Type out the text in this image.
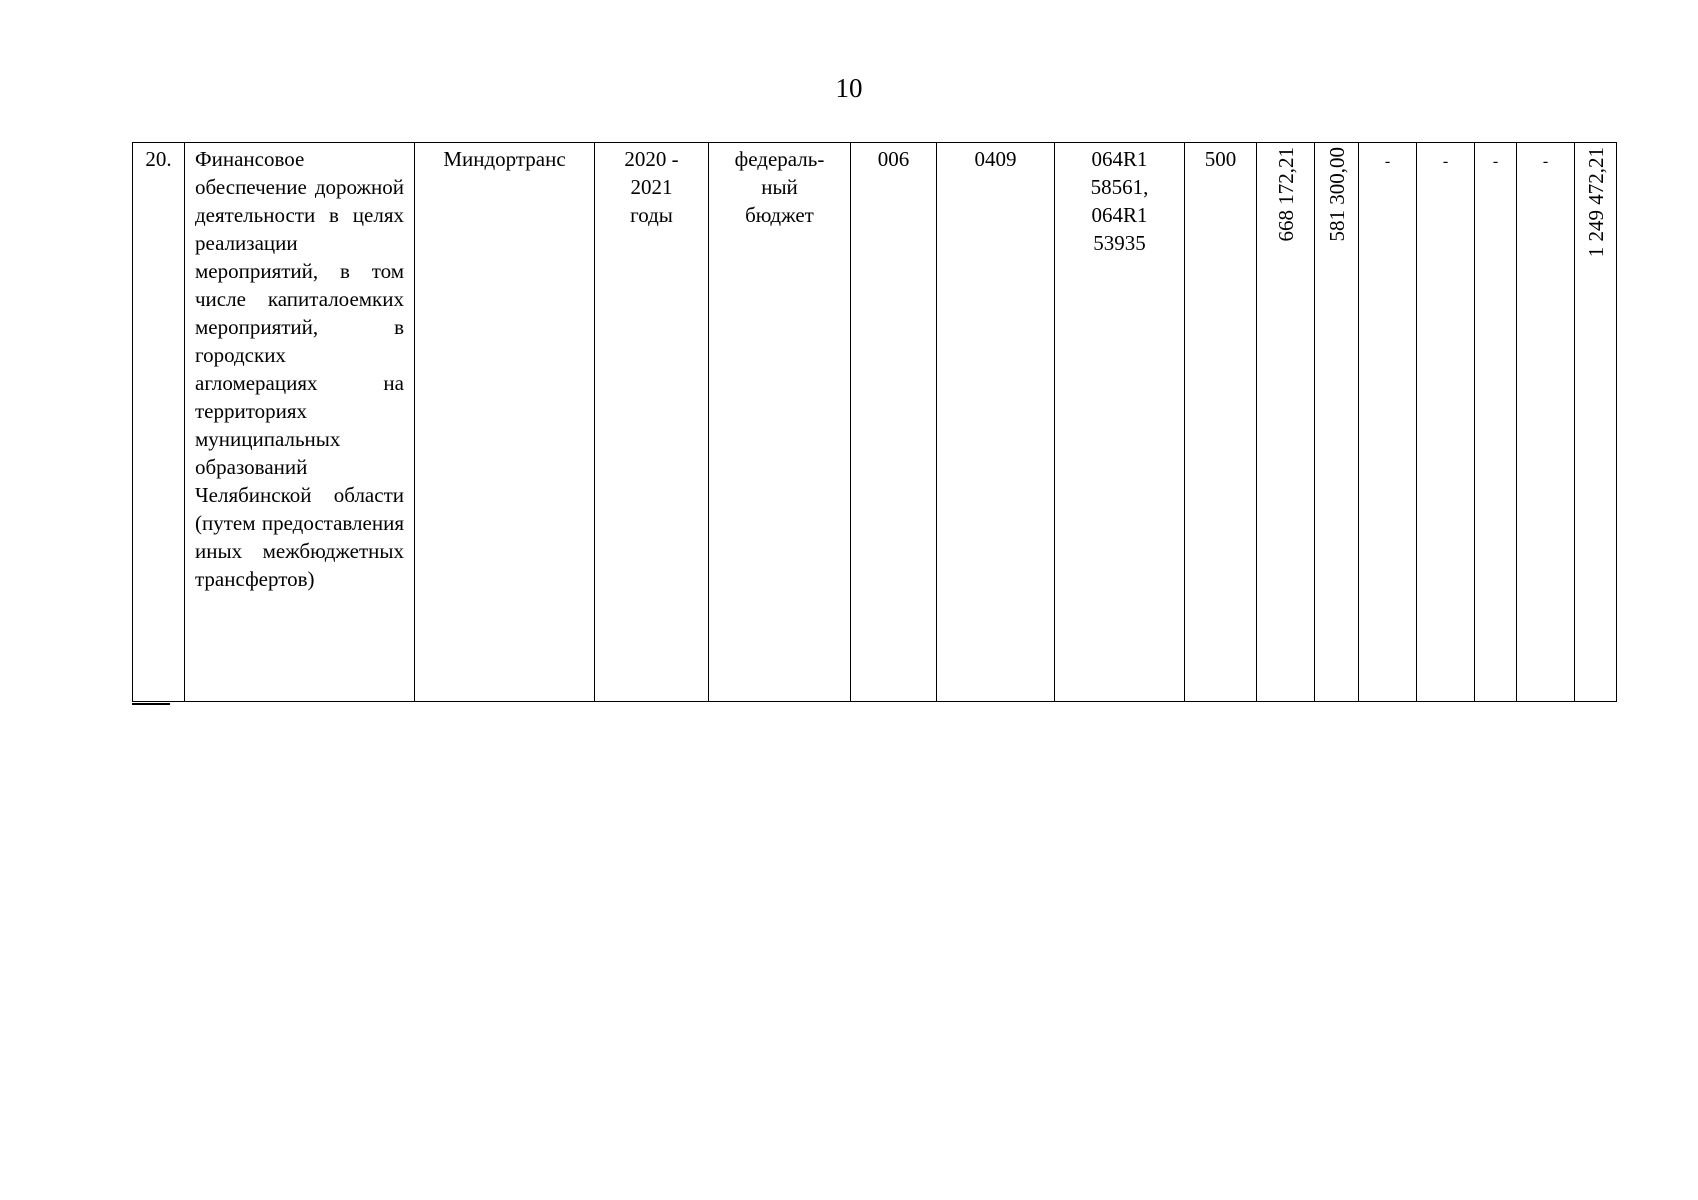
10
20.	Финансовое обеспечение дорожной деятельности в целях реализации мероприятий, в том числе капиталоемких мероприятий, в городских агломерациях на территориях муниципальных образований Челябинской области (путем предоставления иных межбюджетных трансфертов)	Миндортранс	2020 -
2021
годы	федераль-
ный
бюджет	006	0409	064R1
58561,
064R1
53935	500	668 172,21	581 300,00	-	-	-	-	1 249 472,21
